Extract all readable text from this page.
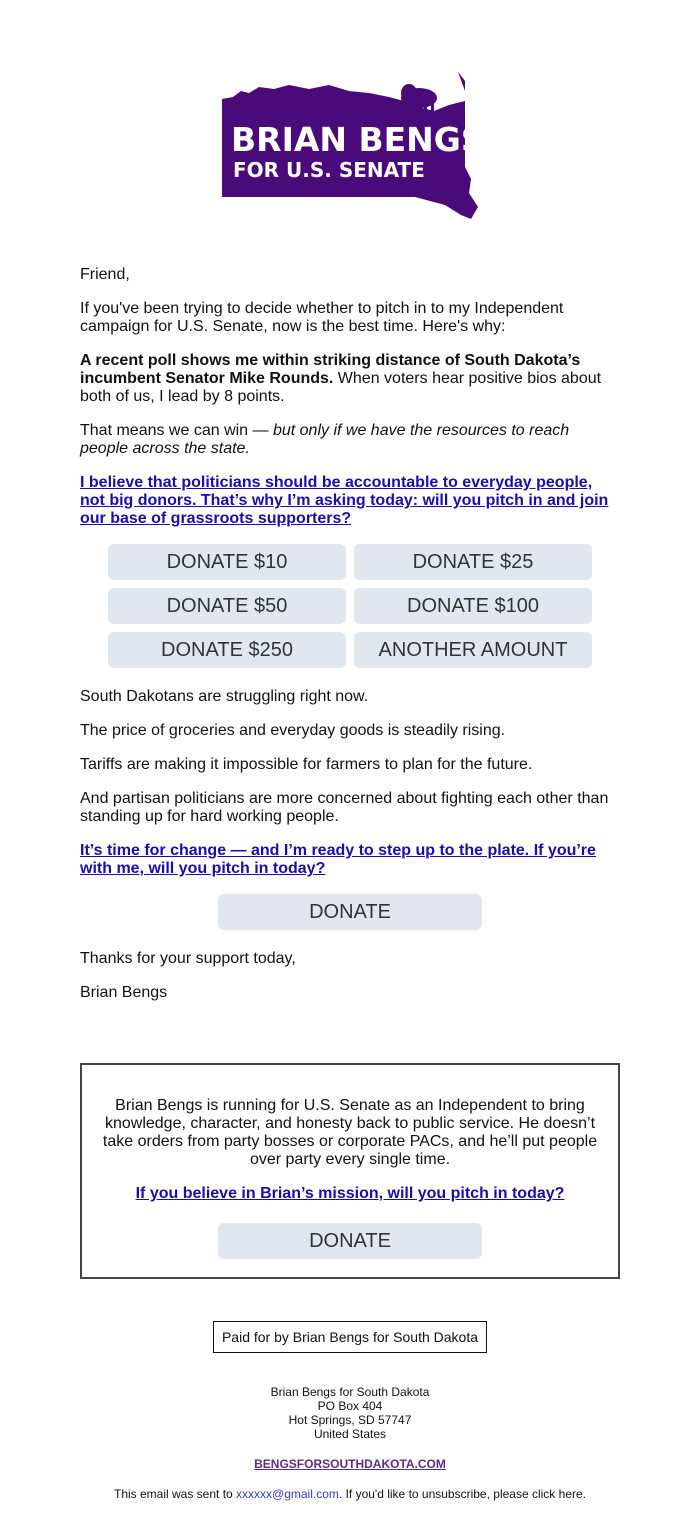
BRIAN BENGS
FOR U.S. SENATE

Friend,

If you've been trying to decide whether to pitch in to my Independent campaign for U.S. Senate, now is the best time. Here's why:

A recent poll shows me within striking distance of South Dakota’s incumbent Senator Mike Rounds. When voters hear positive bios about both of us, I lead by 8 points.

That means we can win — but only if we have the resources to reach people across the state.

I believe that politicians should be accountable to everyday people, not big donors. That’s why I’m asking today: will you pitch in and join our base of grassroots supporters?

DONATE $10	DONATE $25
DONATE $50	DONATE $100
DONATE $250	ANOTHER AMOUNT

South Dakotans are struggling right now.

The price of groceries and everyday goods is steadily rising.

Tariffs are making it impossible for farmers to plan for the future.

And partisan politicians are more concerned about fighting each other than standing up for hard working people.

It’s time for change — and I’m ready to step up to the plate. If you’re with me, will you pitch in today?

DONATE

Thanks for your support today,

Brian Bengs

Brian Bengs is running for U.S. Senate as an Independent to bring knowledge, character, and honesty back to public service. He doesn’t take orders from party bosses or corporate PACs, and he’ll put people over party every single time.
If you believe in Brian’s mission, will you pitch in today?
DONATE
Paid for by Brian Bengs for South Dakota
Brian Bengs for South Dakota
PO Box 404
Hot Springs, SD 57747
United States
BENGSFORSOUTHDAKOTA.COM
This email was sent to xxxxxx@gmail.com. If you'd like to unsubscribe, please click here.
